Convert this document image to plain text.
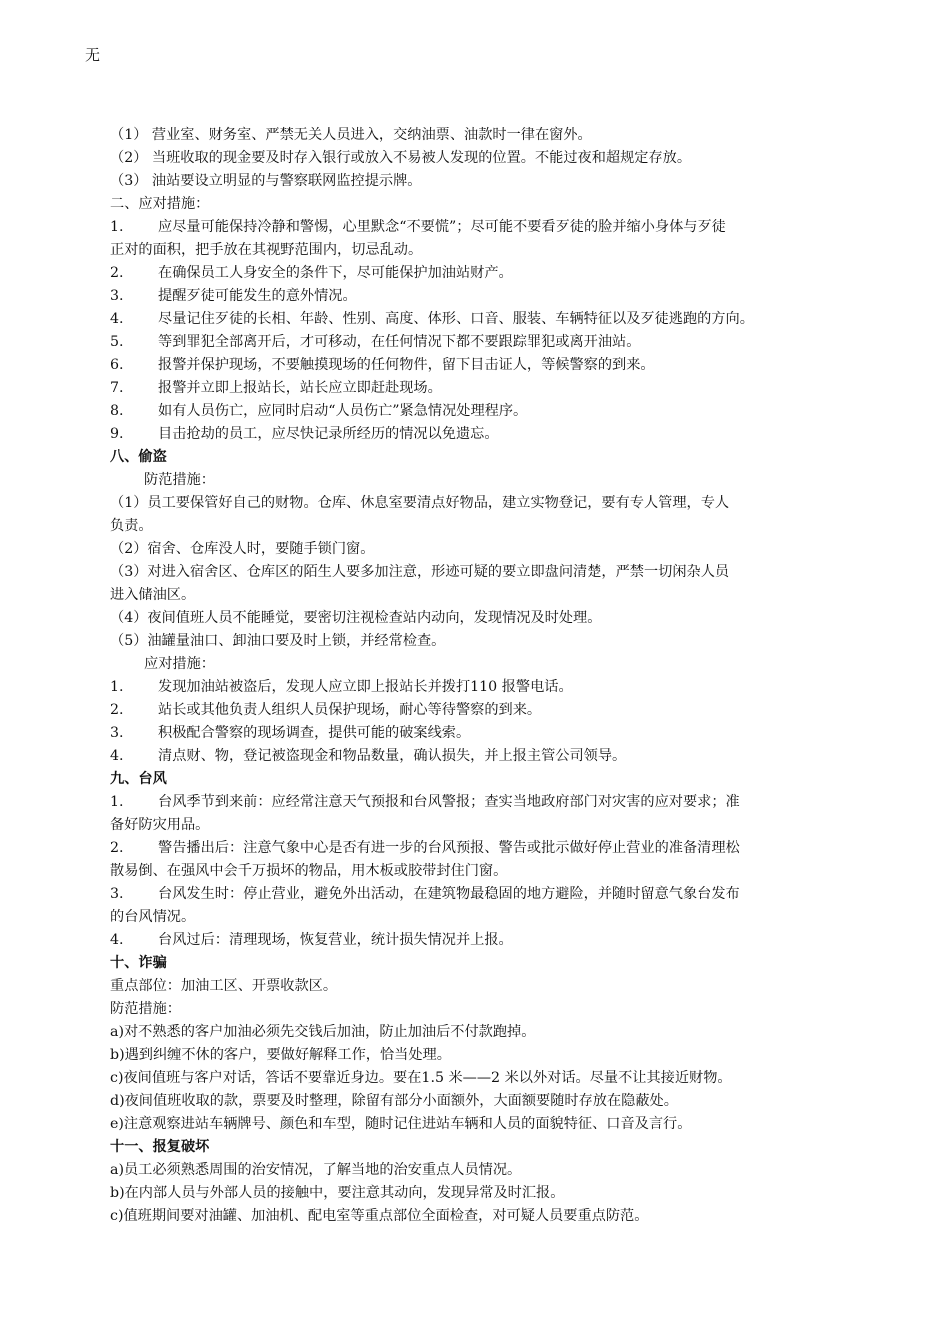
无
（1） 营业室、财务室、严禁无关人员进入，交纳油票、油款时一律在窗外。
（2） 当班收取的现金要及时存入银行或放入不易被人发现的位置。不能过夜和超规定存放。
（3） 油站要设立明显的与警察联网监控提示牌。
二、应对措施：
1. 应尽量可能保持冷静和警惕，心里默念“不要慌”；尽可能不要看歹徒的脸并缩小身体与歹徒
正对的面积，把手放在其视野范围内，切忌乱动。
2. 在确保员工人身安全的条件下，尽可能保护加油站财产。
3. 提醒歹徒可能发生的意外情况。
4. 尽量记住歹徒的长相、年龄、性别、高度、体形、口音、服装、车辆特征以及歹徒逃跑的方向。
5. 等到罪犯全部离开后，才可移动，在任何情况下都不要跟踪罪犯或离开油站。
6. 报警并保护现场，不要触摸现场的任何物件，留下目击证人，等候警察的到来。
7. 报警并立即上报站长，站长应立即赶赴现场。
8. 如有人员伤亡，应同时启动“人员伤亡”紧急情况处理程序。
9. 目击抢劫的员工，应尽快记录所经历的情况以免遗忘。
八、偷盗
防范措施：
（1）员工要保管好自己的财物。仓库、休息室要清点好物品，建立实物登记，要有专人管理，专人
负责。
（2）宿舍、仓库没人时，要随手锁门窗。
（3）对进入宿舍区、仓库区的陌生人要多加注意，形迹可疑的要立即盘问清楚，严禁一切闲杂人员
进入储油区。
（4）夜间值班人员不能睡觉，要密切注视检查站内动向，发现情况及时处理。
（5）油罐量油口、卸油口要及时上锁，并经常检查。
应对措施：
1. 发现加油站被盗后，发现人应立即上报站长并拨打110 报警电话。
2. 站长或其他负责人组织人员保护现场，耐心等待警察的到来。
3. 积极配合警察的现场调查，提供可能的破案线索。
4. 清点财、物，登记被盗现金和物品数量，确认损失，并上报主管公司领导。
九、台风
1. 台风季节到来前：应经常注意天气预报和台风警报；查实当地政府部门对灾害的应对要求；准
备好防灾用品。
2. 警告播出后：注意气象中心是否有进一步的台风预报、警告或批示做好停止营业的准备清理松
散易倒、在强风中会千万损坏的物品，用木板或胶带封住门窗。
3. 台风发生时：停止营业，避免外出活动，在建筑物最稳固的地方避险，并随时留意气象台发布
的台风情况。
4. 台风过后：清理现场，恢复营业，统计损失情况并上报。
十、诈骗
重点部位：加油工区、开票收款区。
防范措施：
a)对不熟悉的客户加油必须先交钱后加油，防止加油后不付款跑掉。
b)遇到纠缠不休的客户，要做好解释工作，恰当处理。
c)夜间值班与客户对话，答话不要靠近身边。要在1.5 米——2 米以外对话。尽量不让其接近财物。
d)夜间值班收取的款，票要及时整理，除留有部分小面额外，大面额要随时存放在隐蔽处。
e)注意观察进站车辆牌号、颜色和车型，随时记住进站车辆和人员的面貌特征、口音及言行。
十一、报复破坏
a)员工必须熟悉周围的治安情况，了解当地的治安重点人员情况。
b)在内部人员与外部人员的接触中，要注意其动向，发现异常及时汇报。
c)值班期间要对油罐、加油机、配电室等重点部位全面检查，对可疑人员要重点防范。
